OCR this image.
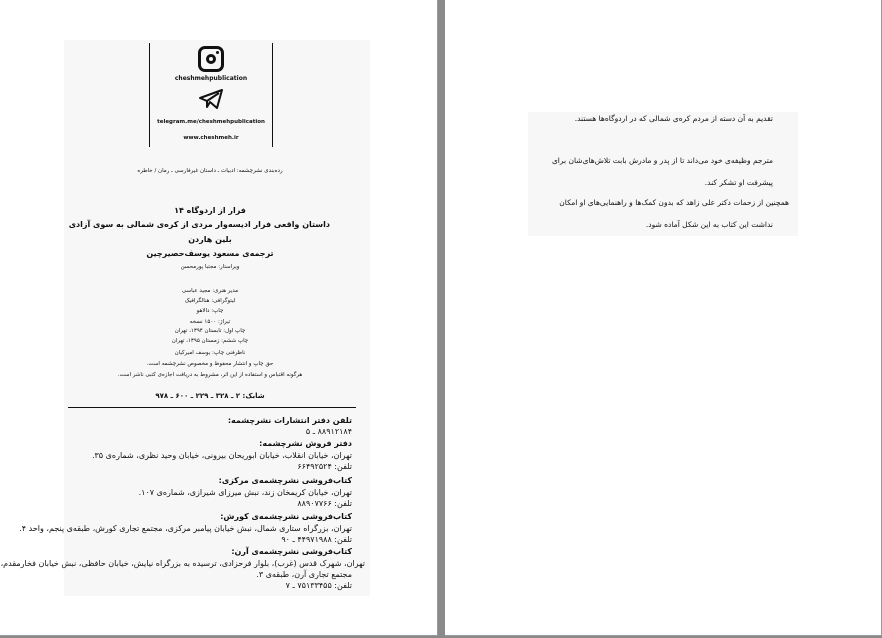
cheshmehpublication
telegram.me/cheshmehpublication
www.cheshmeh.ir
رده‌بندی نشرچشمه: ادبیات ـ داستان غیرفارسی ـ رمان / خاطره
فرار از اردوگاه ۱۴
داستان واقعی فرار ادیسه‌وار مردی از کره‌ی شمالی به سوی آزادی
بلین هاردن
ترجمه‌ی مسعود یوسف‌حصیرچین
ویراستار: مجتبا پورمحسن
مدیر هنری: مجید عباسی
لیتوگرافی: هنالگرافیک
چاپ: دالاهو
تیراژ: ۱۵۰۰ نسخه
چاپ اول: تابستان ۱۳۹۴، تهران
چاپ ششم: زمستان ۱۳۹۵، تهران
ناظرفنی چاپ: یوسف امیرکیان
حق چاپ و انتشار محفوظ و مخصوص نشرچشمه است.
هرگونه اقتباس و استفاده از این اثر، مشروط به دریافت اجازه‌ی کتبی ناشر است.
شابک: ۲ ـ ۳۲۸ ـ ۲۲۹ ـ ۶۰۰ ـ ۹۷۸
تلفن دفتر انتشارات نشرچشمه:
۸۸۹۱۲۱۸۴ ـ ۵
دفتر فروش نشرچشمه:
تهران، خیابان انقلاب، خیابان ابوریحان بیرونی، خیابان وحید نظری، شماره‌ی ۳۵.
تلفن: ۶۶۴۹۲۵۲۴
کتاب‌فروشی نشرچشمه‌ی مرکزی:
تهران، خیابان کریمخان زند، نبش میرزای شیرازی، شماره‌ی ۱۰۷.
تلفن: ۸۸۹۰۷۷۶۶
کتاب‌فروشی نشرچشمه‌ی کورش:
تهران، بزرگراه ستاری شمال، نبش خیابان پیامبر مرکزی، مجتمع تجاری کورش، طبقه‌ی پنجم، واحد ۴.
تلفن: ۴۴۹۷۱۹۸۸ ـ ۹۰
کتاب‌فروشی نشرچشمه‌ی آرن:
تهران، شهرک قدس (غرب)، بلوار فرحزادی، ترسیده به بزرگراه نیایش، خیابان حافظی، نبش خیابان فخارمقدم،
مجتمع تجاری آرن، طبقه‌ی ۳.
تلفن: ۷۵۱۳۳۴۵۵ ـ ۷
تقدیم به آن دسته از مردم کره‌ی شمالی که در اردوگاه‌ها هستند.
مترجم وظیفه‌ی خود می‌داند تا از پدر و مادرش بابت تلاش‌های‌شان برای
پیشرفت او تشکر کند.
همچنین از زحمات دکتر علی زاهد که بدون کمک‌ها و راهنمایی‌های او امکان
نداشت این کتاب به این شکل آماده شود.
